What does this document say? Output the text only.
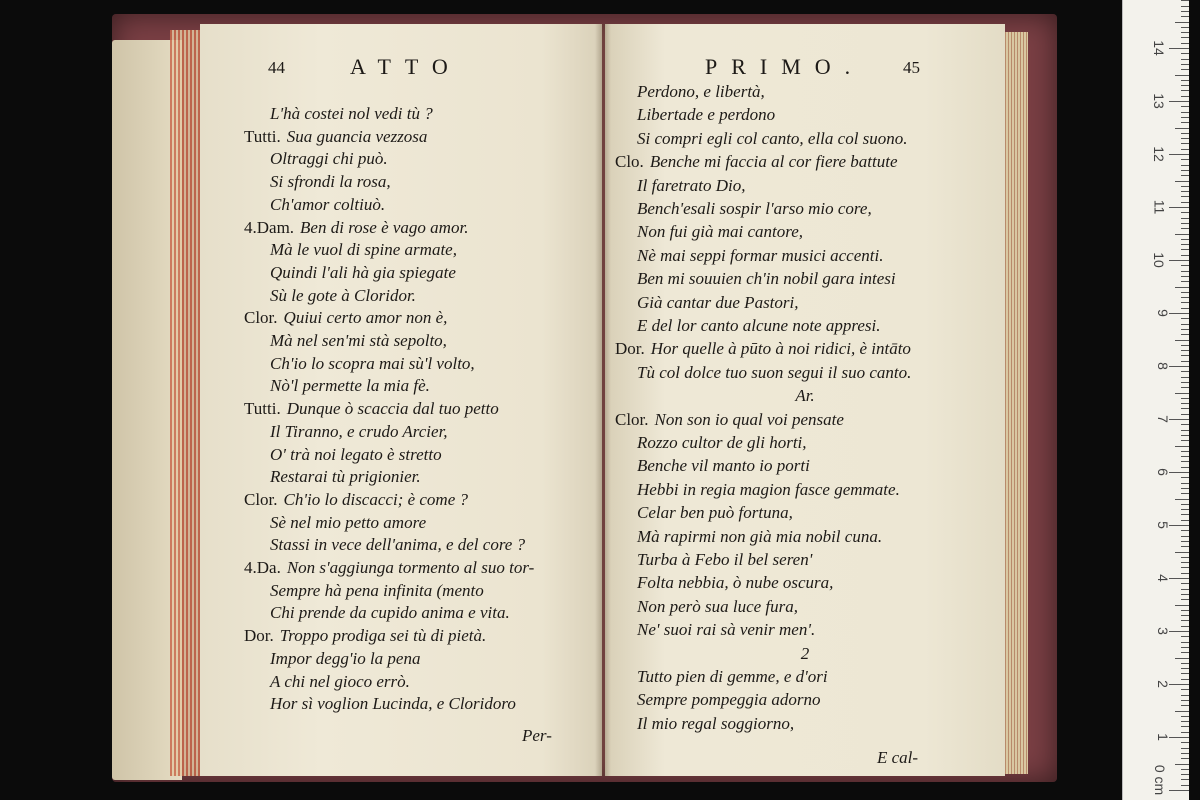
44	ATTO
L'hà costei nol vedi tù ?
Tutti. Sua guancia vezzosa
Oltraggi chi può.
Si sfrondi la rosa,
Ch'amor coltiuò.
4.Dam. Ben di rose è vago amor.
Mà le vuol di spine armate,
Quindi l'ali hà gia spiegate
Sù le gote à Cloridor.
Clor. Quiui certo amor non è,
Mà nel sen'mi stà sepolto,
Ch'io lo scopra mai sù'l volto,
Nò'l permette la mia fè.
Tutti. Dunque ò scaccia dal tuo petto
Il Tiranno, e crudo Arcier,
O' trà noi legato è stretto
Restarai tù prigionier.
Clor. Ch'io lo discacci; è come ?
Sè nel mio petto amore
Stassi in vece dell'anima, e del core ?
4.Da. Non s'aggiunga tormento al suo tor-
Sempre hà pena infinita (mento
Chi prende da cupido anima e vita.
Dor. Troppo prodiga sei tù di pietà.
Impor degg'io la pena
A chi nel gioco errò.
Hor sì voglion Lucinda, e Cloridoro
Per-
PRIMO. 45
Perdono, e libertà,
Libertade e perdono
Si compri egli col canto, ella col suono.
Clo. Benche mi faccia al cor fiere battute
Il faretrato Dio,
Bench'esali sospir l'arso mio core,
Non fui già mai cantore,
Nè mai seppi formar musici accenti.
Ben mi souuien ch'in nobil gara intesi
Già cantar due Pastori,
E del lor canto alcune note appresi.
Dor. Hor quelle à pūto à noi ridici, è intāto
Tù col dolce tuo suon segui il suo canto.
Ar.
Clor. Non son io qual voi pensate
Rozzo cultor de gli horti,
Benche vil manto io porti
Hebbi in regia magion fasce gemmate.
Celar ben può fortuna,
Mà rapirmi non già mia nobil cuna.
Turba à Febo il bel seren'
Folta nebbia, ò nube oscura,
Non però sua luce fura,
Ne' suoi rai sà venir men'.
2
Tutto pien di gemme, e d'ori
Sempre pompeggia adorno
Il mio regal soggiorno,
E cal-
0 cm
14
13
12
11
10
9
8
7
6
5
4
3
2
1
